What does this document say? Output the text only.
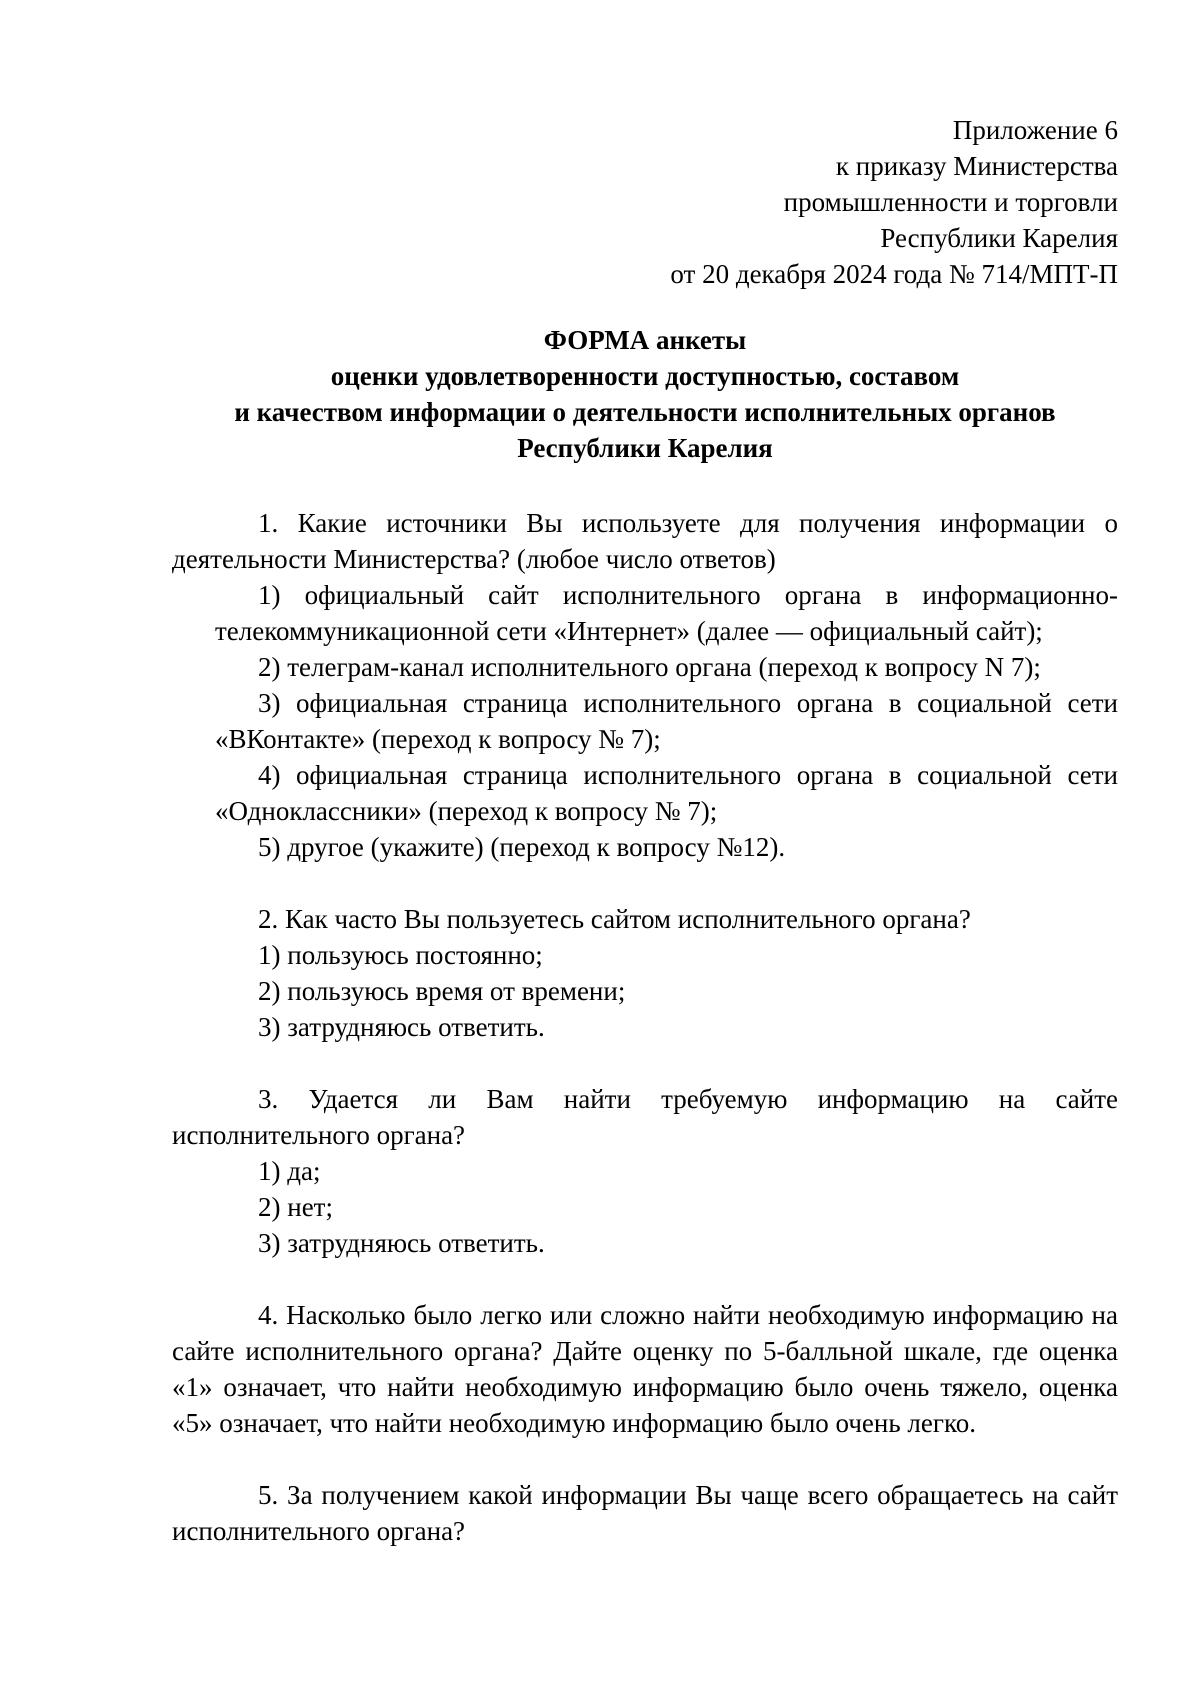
Приложение 6
к приказу Министерства
промышленности и торговли
Республики Карелия
от 20 декабря 2024 года № 714/МПТ-П
ФОРМА анкеты
оценки удовлетворенности доступностью, составом
и качеством информации о деятельности исполнительных органов
Республики Карелия

1. Какие источники Вы используете для получения информации о деятельности Министерства? (любое число ответов)

1) официальный сайт исполнительного органа в информационно-телекоммуникационной сети «Интернет» (далее — официальный сайт);

2) телеграм-канал исполнительного органа (переход к вопросу N 7);

3) официальная страница исполнительного органа в социальной сети «ВКонтакте» (переход к вопросу № 7);

4) официальная страница исполнительного органа в социальной сети «Одноклассники» (переход к вопросу № 7);

5) другое (укажите) (переход к вопросу №12).

2. Как часто Вы пользуетесь сайтом исполнительного органа?

1) пользуюсь постоянно;

2) пользуюсь время от времени;

3) затрудняюсь ответить.

3. Удается ли Вам найти требуемую информацию на сайте исполнительного органа?

1) да;

2) нет;

3) затрудняюсь ответить.

4. Насколько было легко или сложно найти необходимую информацию на сайте исполнительного органа? Дайте оценку по 5-балльной шкале, где оценка «1» означает, что найти необходимую информацию было очень тяжело, оценка «5» означает, что найти необходимую информацию было очень легко.

5. За получением какой информации Вы чаще всего обращаетесь на сайт исполнительного органа?
